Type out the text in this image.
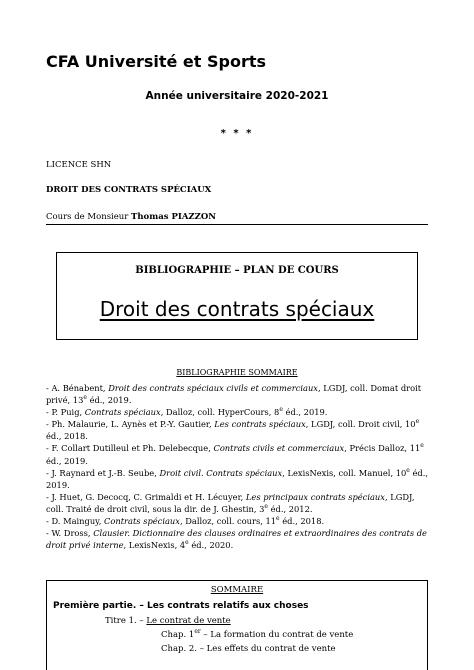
CFA Université et Sports
Année universitaire 2020-2021
* * *
LICENCE SHN
DROIT DES CONTRATS SPÉCIAUX
Cours de Monsieur Thomas PIAZZON
BIBLIOGRAPHIE – PLAN DE COURS
Droit des contrats spéciaux
BIBLIOGRAPHIE SOMMAIRE
- A. Bénabent, Droit des contrats spéciaux civils et commerciaux, LGDJ, coll. Domat droit privé, 13e éd., 2019.
- P. Puig, Contrats spéciaux, Dalloz, coll. HyperCours, 8e éd., 2019.
- Ph. Malaurie, L. Aynès et P.-Y. Gautier, Les contrats spéciaux, LGDJ, coll. Droit civil, 10e éd., 2018.
- F. Collart Dutilleul et Ph. Delebecque, Contrats civils et commerciaux, Précis Dalloz, 11e éd., 2019.
- J. Raynard et J.-B. Seube, Droit civil. Contrats spéciaux, LexisNexis, coll. Manuel, 10e éd., 2019.
- J. Huet, G. Decocq, C. Grimaldi et H. Lécuyer, Les principaux contrats spéciaux, LGDJ, coll. Traité de droit civil, sous la dir. de J. Ghestin, 3e éd., 2012.
- D. Mainguy, Contrats spéciaux, Dalloz, coll. cours, 11e éd., 2018.
- W. Dross, Clausier. Dictionnaire des clauses ordinaires et extraordinaires des contrats de droit privé interne, LexisNexis, 4e éd., 2020.
SOMMAIRE
Première partie. – Les contrats relatifs aux choses
Titre 1. – Le contrat de vente
Chap. 1er – La formation du contrat de vente
Chap. 2. – Les effets du contrat de vente
